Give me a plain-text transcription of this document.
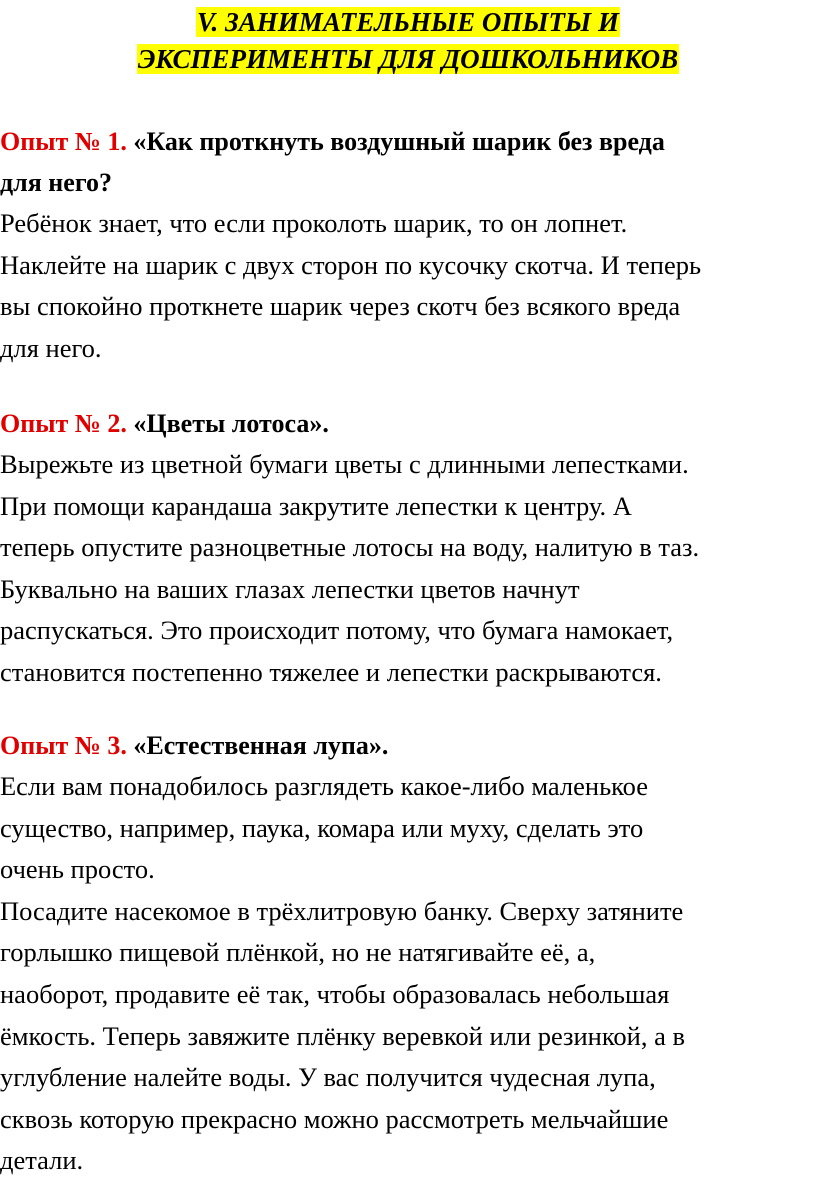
V. ЗАНИМАТЕЛЬНЫЕ ОПЫТЫ И
ЭКСПЕРИМЕНТЫ ДЛЯ ДОШКОЛЬНИКОВ

Опыт № 1. «Как проткнуть воздушный шарик без вреда
для него?

Ребёнок знает, что если проколоть шарик, то он лопнет.
Наклейте на шарик с двух сторон по кусочку скотча. И теперь
вы спокойно проткнете шарик через скотч без всякого вреда
для него.

Опыт № 2. «Цветы лотоса».

Вырежьте из цветной бумаги цветы с длинными лепестками.
При помощи карандаша закрутите лепестки к центру. А
теперь опустите разноцветные лотосы на воду, налитую в таз.
Буквально на ваших глазах лепестки цветов начнут
распускаться. Это происходит потому, что бумага намокает,
становится постепенно тяжелее и лепестки раскрываются.

Опыт № 3. «Естественная лупа».

Если вам понадобилось разглядеть какое-либо маленькое
существо, например, паука, комара или муху, сделать это
очень просто.

Посадите насекомое в трёхлитровую банку. Сверху затяните
горлышко пищевой плёнкой, но не натягивайте её, а,
наоборот, продавите её так, чтобы образовалась небольшая
ёмкость. Теперь завяжите плёнку веревкой или резинкой, а в
углубление налейте воды. У вас получится чудесная лупа,
сквозь которую прекрасно можно рассмотреть мельчайшие
детали.
